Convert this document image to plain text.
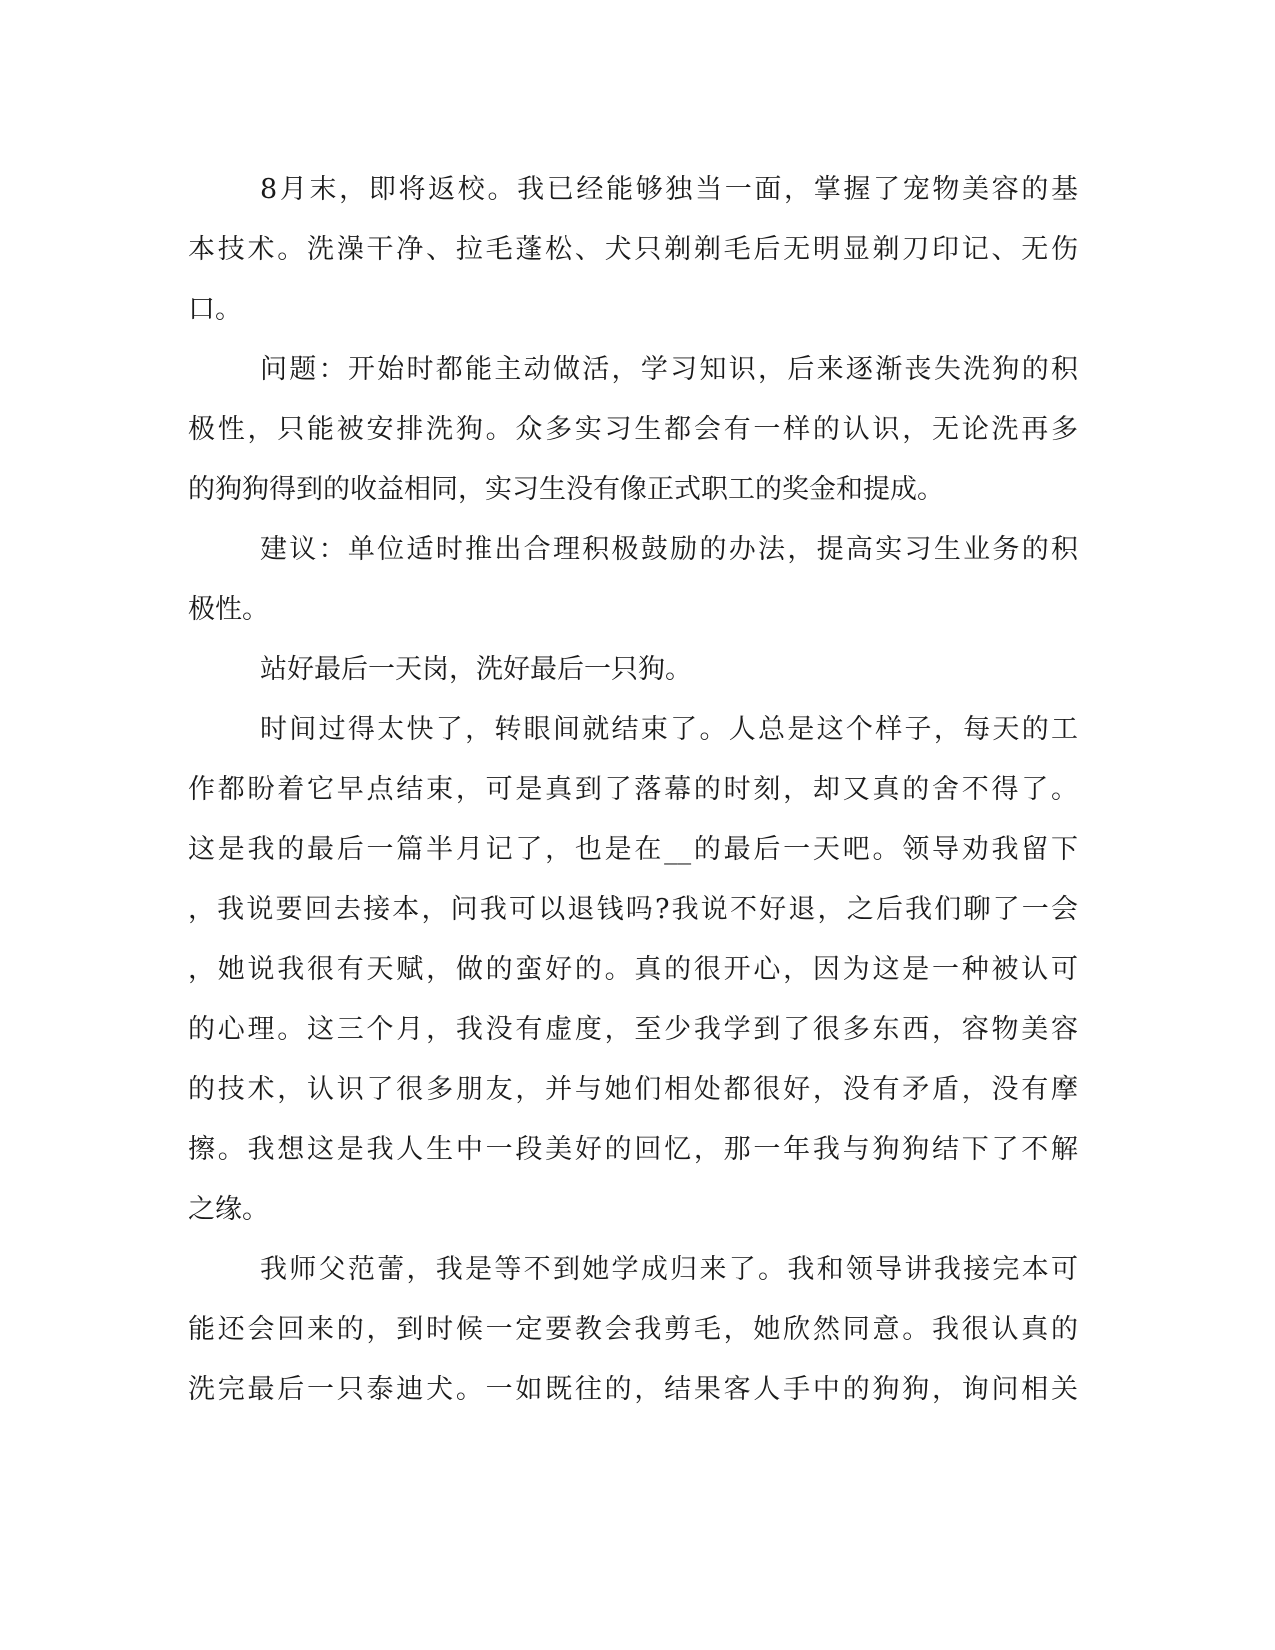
8月末，即将返校。我已经能够独当一面，掌握了宠物美容的基
本技术。洗澡干净、拉毛蓬松、犬只剃剃毛后无明显剃刀印记、无伤
口。
问题：开始时都能主动做活，学习知识，后来逐渐丧失洗狗的积
极性，只能被安排洗狗。众多实习生都会有一样的认识，无论洗再多
的狗狗得到的收益相同，实习生没有像正式职工的奖金和提成。
建议：单位适时推出合理积极鼓励的办法，提高实习生业务的积
极性。
站好最后一天岗，洗好最后一只狗。
时间过得太快了，转眼间就结束了。人总是这个样子，每天的工
作都盼着它早点结束，可是真到了落幕的时刻，却又真的舍不得了。
这是我的最后一篇半月记了，也是在__的最后一天吧。领导劝我留下
，我说要回去接本，问我可以退钱吗?我说不好退，之后我们聊了一会
，她说我很有天赋，做的蛮好的。真的很开心，因为这是一种被认可
的心理。这三个月，我没有虚度，至少我学到了很多东西，容物美容
的技术，认识了很多朋友，并与她们相处都很好，没有矛盾，没有摩
擦。我想这是我人生中一段美好的回忆，那一年我与狗狗结下了不解
之缘。
我师父范蕾，我是等不到她学成归来了。我和领导讲我接完本可
能还会回来的，到时候一定要教会我剪毛，她欣然同意。我很认真的
洗完最后一只泰迪犬。一如既往的，结果客人手中的狗狗，询问相关
